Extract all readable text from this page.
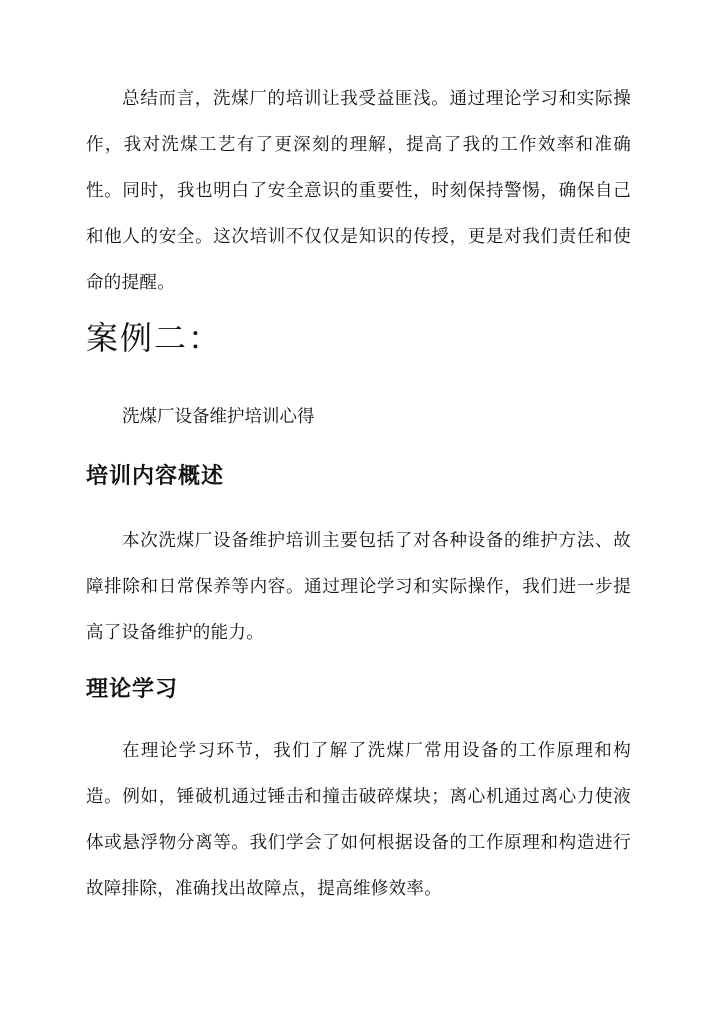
总结而言，洗煤厂的培训让我受益匪浅。通过理论学习和实际操作，我对洗煤工艺有了更深刻的理解，提高了我的工作效率和准确性。同时，我也明白了安全意识的重要性，时刻保持警惕，确保自己和他人的安全。这次培训不仅仅是知识的传授，更是对我们责任和使命的提醒。

案例二：

洗煤厂设备维护培训心得

培训内容概述

本次洗煤厂设备维护培训主要包括了对各种设备的维护方法、故障排除和日常保养等内容。通过理论学习和实际操作，我们进一步提高了设备维护的能力。

理论学习

在理论学习环节，我们了解了洗煤厂常用设备的工作原理和构造。例如，锤破机通过锤击和撞击破碎煤块；离心机通过离心力使液体或悬浮物分离等。我们学会了如何根据设备的工作原理和构造进行故障排除，准确找出故障点，提高维修效率。
